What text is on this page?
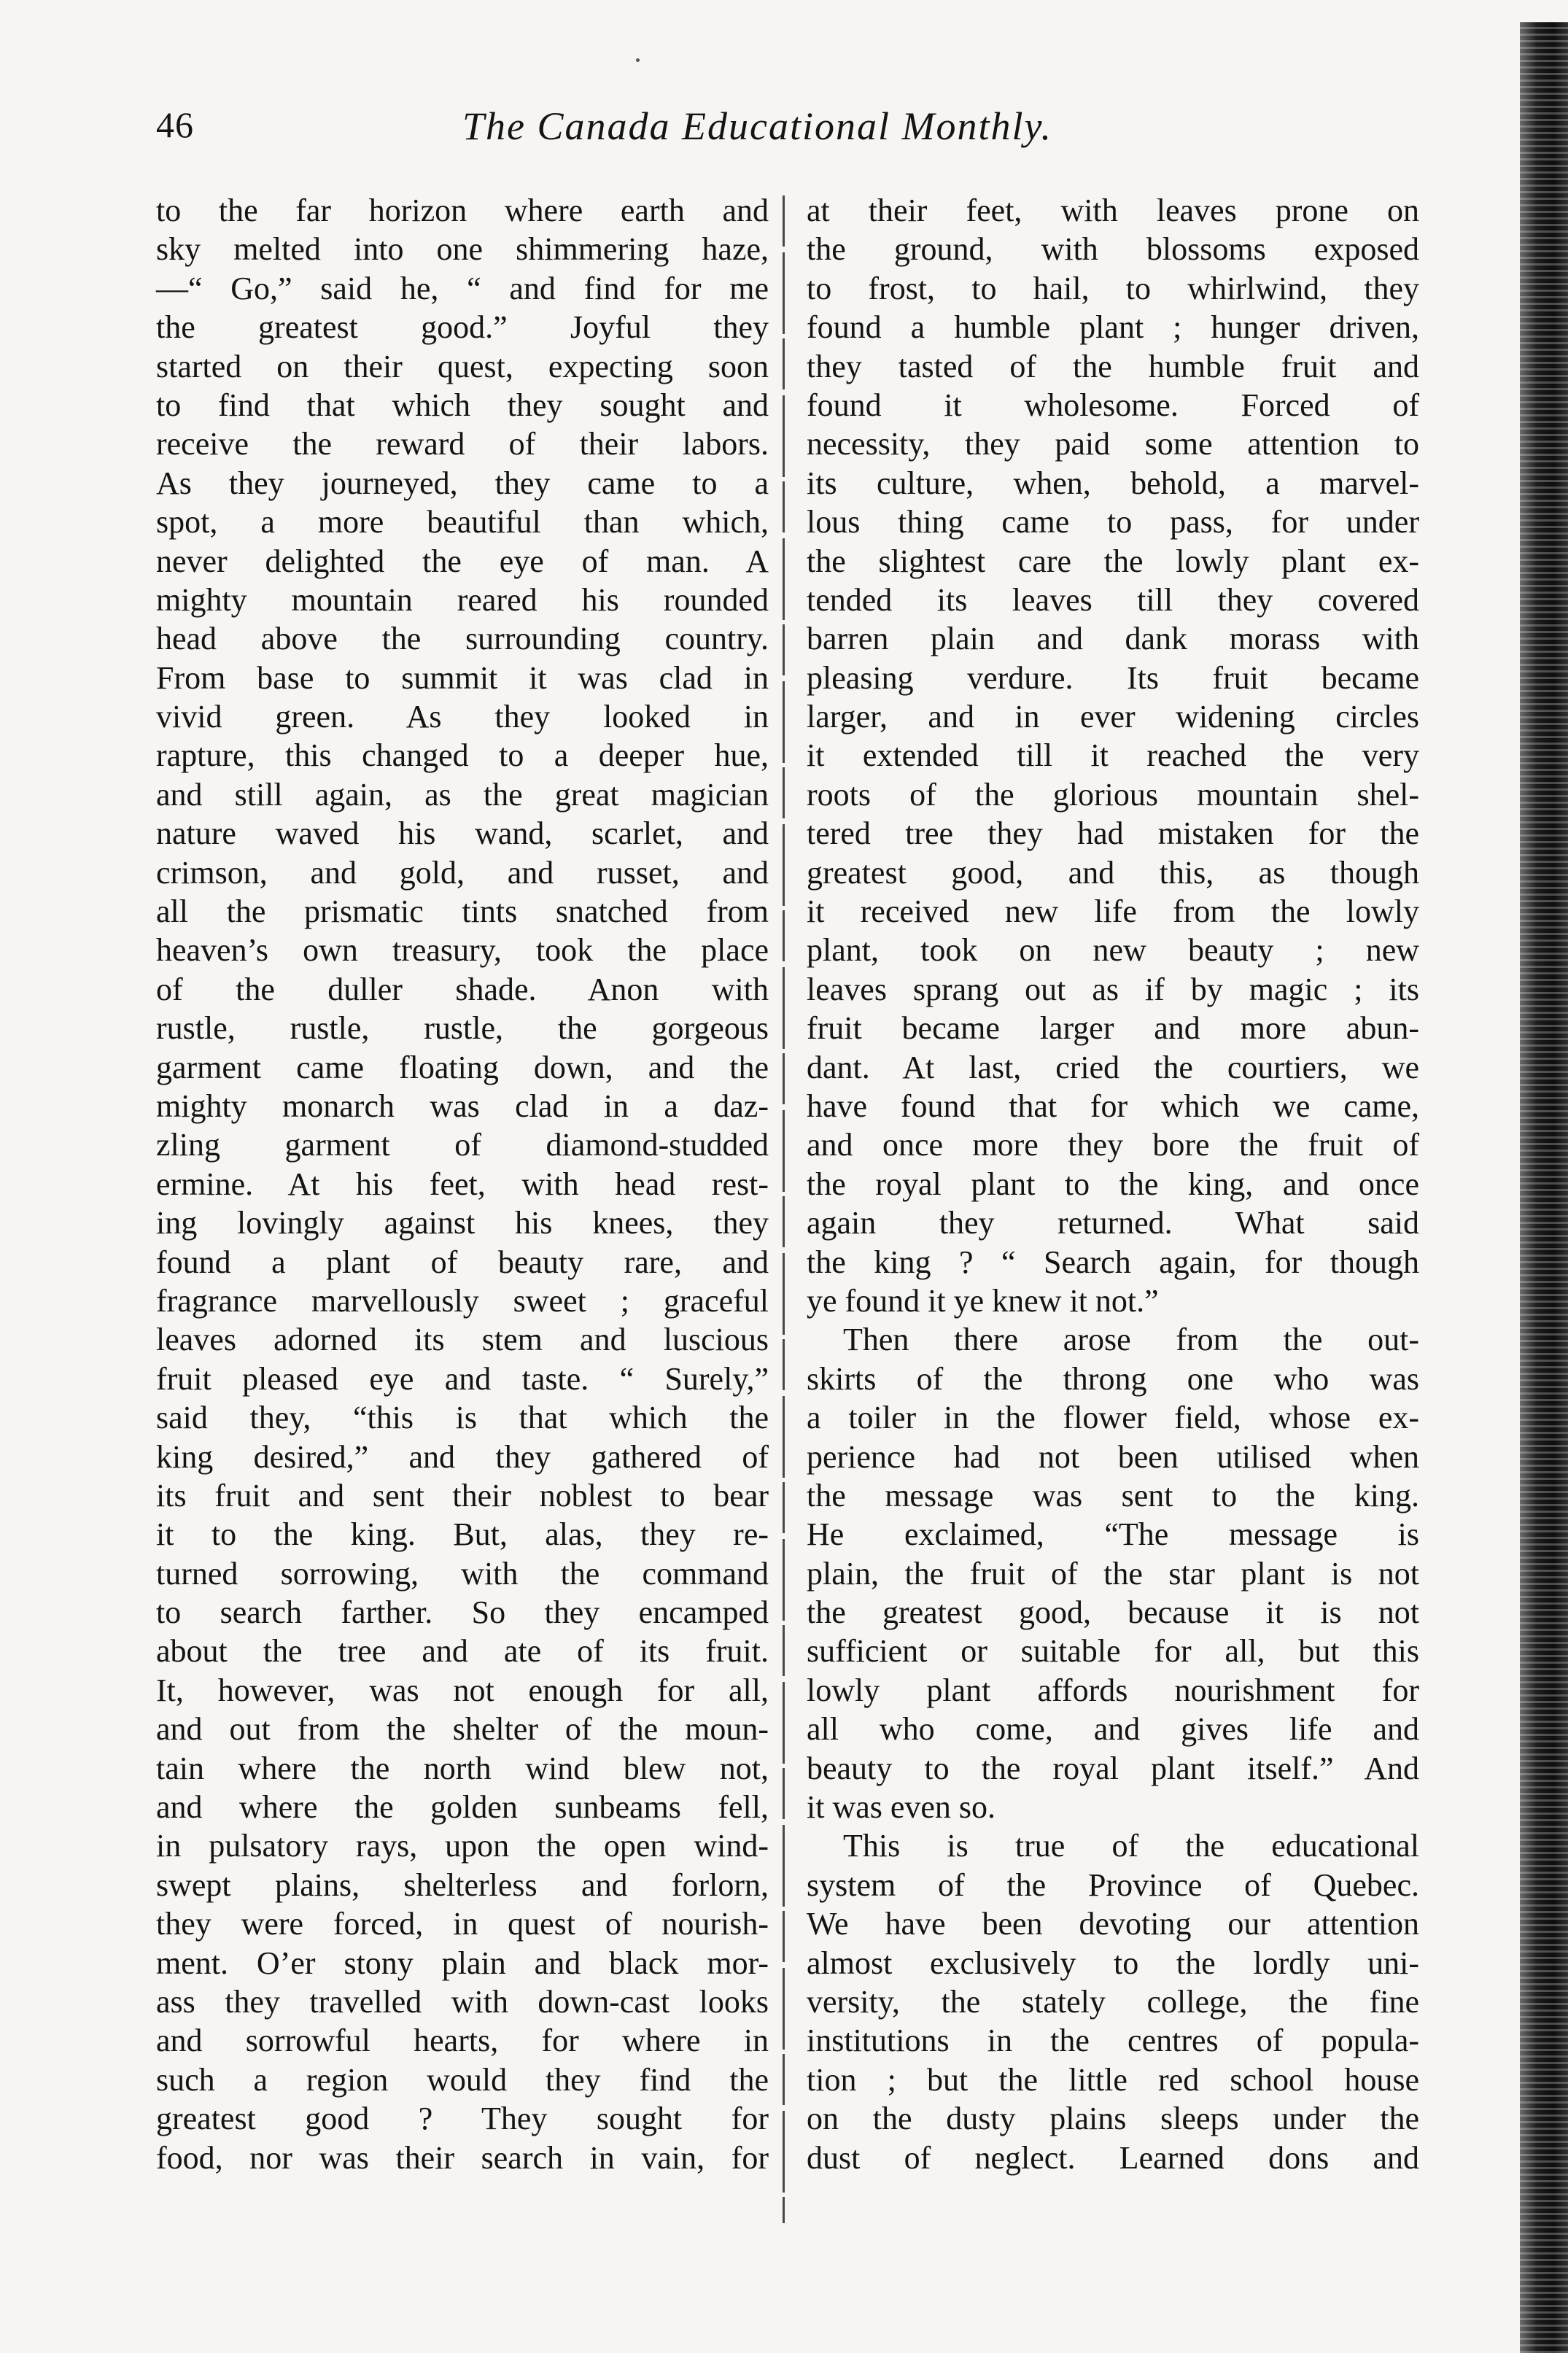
46	The Canada Educational Monthly.
to the far horizon where earth and
sky melted into one shimmering haze,
—“ Go,” said he, “ and find for me
the greatest good.” Joyful they
started on their quest, expecting soon
to find that which they sought and
receive the reward of their labors.
As they journeyed, they came to a
spot, a more beautiful than which,
never delighted the eye of man. A
mighty mountain reared his rounded
head above the surrounding country.
From base to summit it was clad in
vivid green. As they looked in
rapture, this changed to a deeper hue,
and still again, as the great magician
nature waved his wand, scarlet, and
crimson, and gold, and russet, and
all the prismatic tints snatched from
heaven’s own treasury, took the place
of the duller shade. Anon with
rustle, rustle, rustle, the gorgeous
garment came floating down, and the
mighty monarch was clad in a daz-
zling garment of diamond-studded
ermine. At his feet, with head rest-
ing lovingly against his knees, they
found a plant of beauty rare, and
fragrance marvellously sweet ; graceful
leaves adorned its stem and luscious
fruit pleased eye and taste. “ Surely,”
said they, “this is that which the
king desired,” and they gathered of
its fruit and sent their noblest to bear
it to the king. But, alas, they re-
turned sorrowing, with the command
to search farther. So they encamped
about the tree and ate of its fruit.
It, however, was not enough for all,
and out from the shelter of the moun-
tain where the north wind blew not,
and where the golden sunbeams fell,
in pulsatory rays, upon the open wind-
swept plains, shelterless and forlorn,
they were forced, in quest of nourish-
ment. O’er stony plain and black mor-
ass they travelled with down-cast looks
and sorrowful hearts, for where in
such a region would they find the
greatest good ? They sought for
food, nor was their search in vain, for
at their feet, with leaves prone on
the ground, with blossoms exposed
to frost, to hail, to whirlwind, they
found a humble plant ; hunger driven,
they tasted of the humble fruit and
found it wholesome. Forced of
necessity, they paid some attention to
its culture, when, behold, a marvel-
lous thing came to pass, for under
the slightest care the lowly plant ex-
tended its leaves till they covered
barren plain and dank morass with
pleasing verdure. Its fruit became
larger, and in ever widening circles
it extended till it reached the very
roots of the glorious mountain shel-
tered tree they had mistaken for the
greatest good, and this, as though
it received new life from the lowly
plant, took on new beauty ; new
leaves sprang out as if by magic ; its
fruit became larger and more abun-
dant. At last, cried the courtiers, we
have found that for which we came,
and once more they bore the fruit of
the royal plant to the king, and once
again they returned. What said
the king ? “ Search again, for though
ye found it ye knew it not.”
Then there arose from the out-
skirts of the throng one who was
a toiler in the flower field, whose ex-
perience had not been utilised when
the message was sent to the king.
He exclaimed, “The message is
plain, the fruit of the star plant is not
the greatest good, because it is not
sufficient or suitable for all, but this
lowly plant affords nourishment for
all who come, and gives life and
beauty to the royal plant itself.” And
it was even so.
This is true of the educational
system of the Province of Quebec.
We have been devoting our attention
almost exclusively to the lordly uni-
versity, the stately college, the fine
institutions in the centres of popula-
tion ; but the little red school house
on the dusty plains sleeps under the
dust of neglect. Learned dons and
